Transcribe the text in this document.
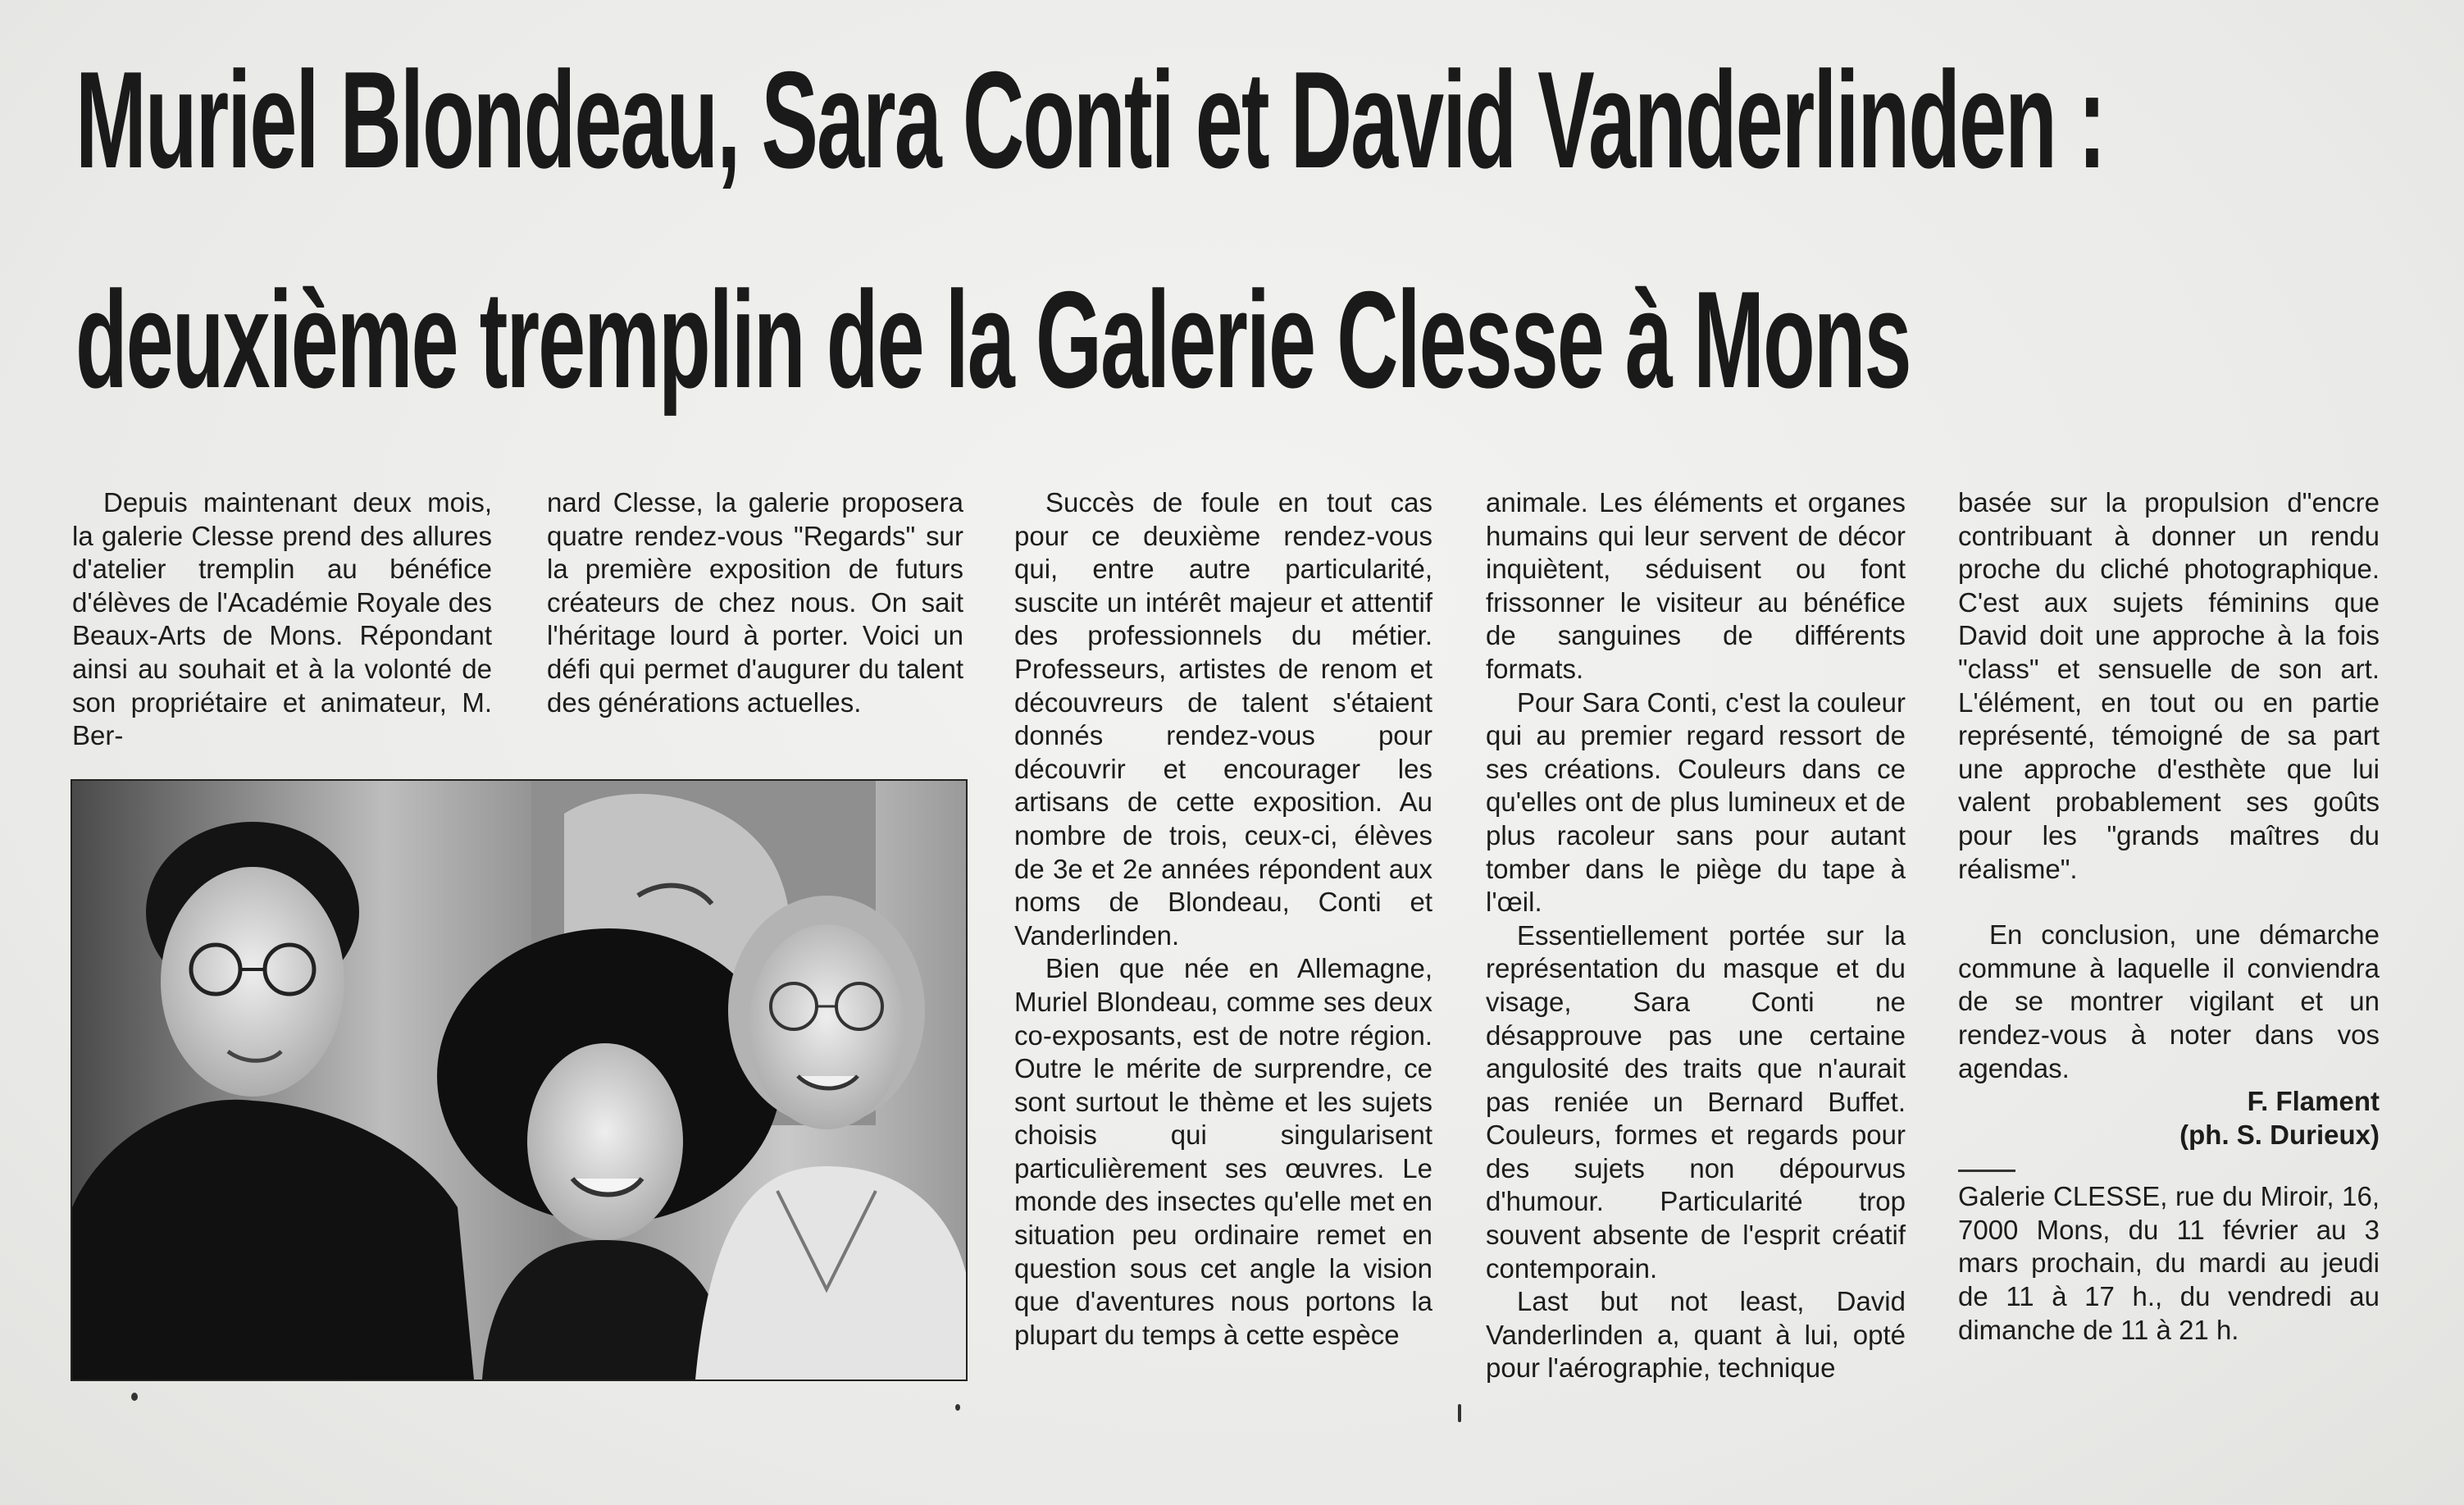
Muriel Blondeau, Sara Conti et David Vanderlinden :
deuxième tremplin de la Galerie Clesse à Mons

Depuis maintenant deux mois, la galerie Clesse prend des allures d'atelier tremplin au bénéfice d'élèves de l'Académie Royale des Beaux-Arts de Mons. Répondant ainsi au souhait et à la volonté de son propriétaire et animateur, M. Ber-

nard Clesse, la galerie proposera quatre rendez-vous "Regards" sur la première exposition de futurs créateurs de chez nous. On sait l'héritage lourd à porter. Voici un défi qui permet d'augurer du talent des générations actuelles.

Succès de foule en tout cas pour ce deuxième rendez-vous qui, entre autre particularité, suscite un intérêt majeur et attentif des professionnels du métier. Professeurs, artistes de renom et découvreurs de talent s'étaient donnés rendez-vous pour découvrir et encourager les artisans de cette exposition. Au nombre de trois, ceux-ci, élèves de 3e et 2e années répondent aux noms de Blondeau, Conti et Vanderlinden.

Bien que née en Allemagne, Muriel Blondeau, comme ses deux co-exposants, est de notre région. Outre le mérite de surprendre, ce sont surtout le thème et les sujets choisis qui singularisent particulièrement ses œuvres. Le monde des insectes qu'elle met en situation peu ordinaire remet en question sous cet angle la vision que d'aventures nous portons la plupart du temps à cette espèce

animale. Les éléments et organes humains qui leur servent de décor inquiètent, séduisent ou font frissonner le visiteur au bénéfice de sanguines de différents formats.

Pour Sara Conti, c'est la couleur qui au premier regard ressort de ses créations. Couleurs dans ce qu'elles ont de plus lumineux et de plus racoleur sans pour autant tomber dans le piège du tape à l'œil.

Essentiellement portée sur la représentation du masque et du visage, Sara Conti ne désapprouve pas une certaine angulosité des traits que n'aurait pas reniée un Bernard Buffet. Couleurs, formes et regards pour des sujets non dépourvus d'humour. Particularité trop souvent absente de l'esprit créatif contemporain.

Last but not least, David Vanderlinden a, quant à lui, opté pour l'aérographie, technique

basée sur la propulsion d"encre contribuant à donner un rendu proche du cliché photographique. C'est aux sujets féminins que David doit une approche à la fois "class" et sensuelle de son art. L'élément, en tout ou en partie représenté, témoigné de sa part une approche d'esthète que lui valent probablement ses goûts pour les "grands maîtres du réalisme".

En conclusion, une démarche commune à laquelle il conviendra de se montrer vigilant et un rendez-vous à noter dans vos agendas.

F. Flament

(ph. S. Durieux)

Galerie CLESSE, rue du Miroir, 16, 7000 Mons, du 11 février au 3 mars prochain, du mardi au jeudi de 11 à 17 h., du vendredi au dimanche de 11 à 21 h.
